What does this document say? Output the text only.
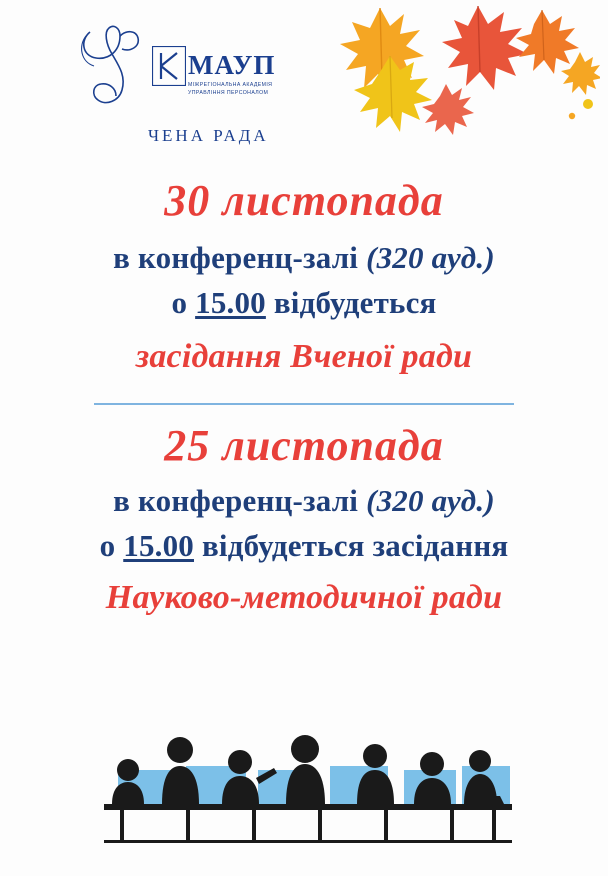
МАУП
МІЖРЕГІОНАЛЬНА АКАДЕМІЯ УПРАВЛІННЯ ПЕРСОНАЛОМ
ЧЕНА РАДА
30 листопада
в конференц-залі (320 ауд.)
о 15.00 відбудеться
засідання Вченої ради
25 листопада
в конференц-залі (320 ауд.)
о 15.00 відбудеться засідання
Науково-методичної ради
